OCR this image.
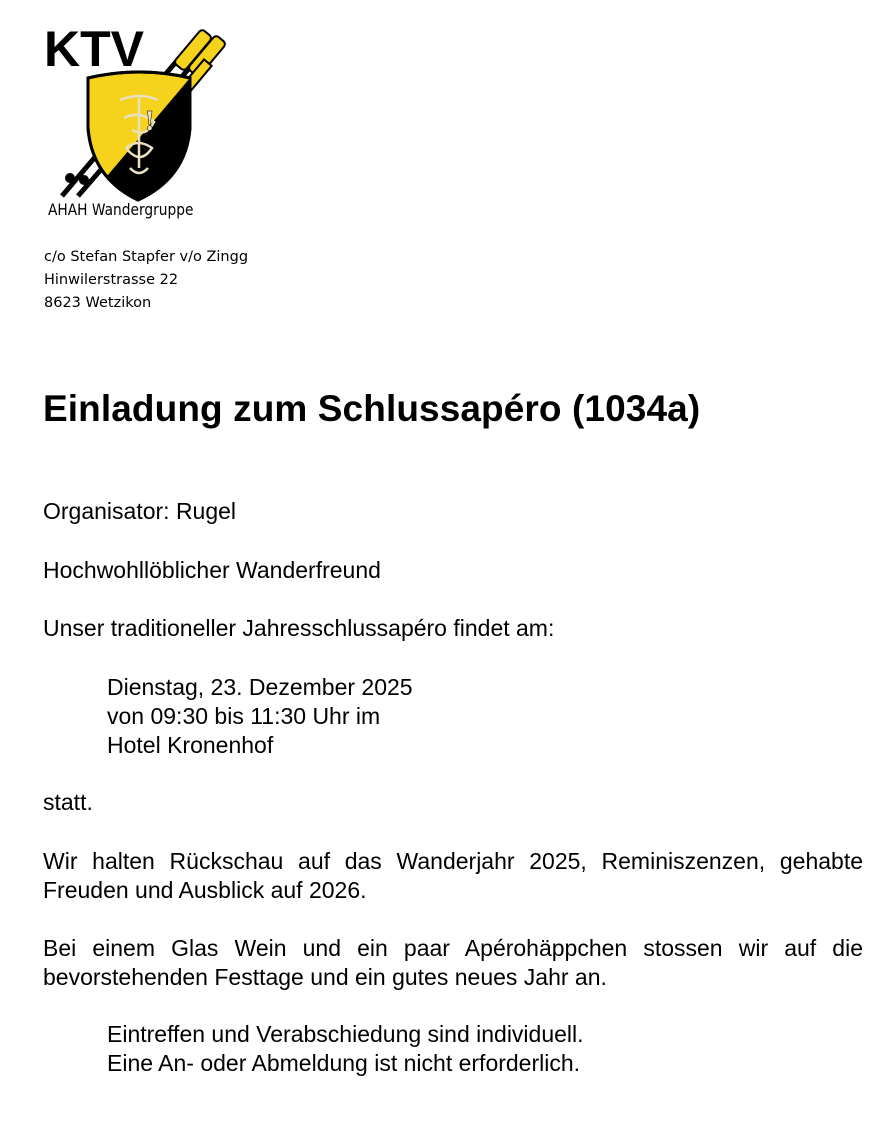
!
KTV
AHAH Wandergruppe
c/o Stefan Stapfer v/o Zingg
Hinwilerstrasse 22
8623 Wetzikon
Einladung zum Schlussapéro (1034a)

Organisator: Rugel

Hochwohllöblicher Wanderfreund

Unser traditioneller Jahresschlussapéro findet am:

Dienstag, 23. Dezember 2025
von 09:30 bis 11:30 Uhr im
Hotel Kronenhof

statt.

Wir halten Rückschau auf das Wanderjahr 2025, Reminiszenzen, gehabte Freuden und Ausblick auf 2026.

Bei einem Glas Wein und ein paar Apérohäppchen stossen wir auf die bevorstehenden Festtage und ein gutes neues Jahr an.

Eintreffen und Verabschiedung sind individuell.
Eine An- oder Abmeldung ist nicht erforderlich.
